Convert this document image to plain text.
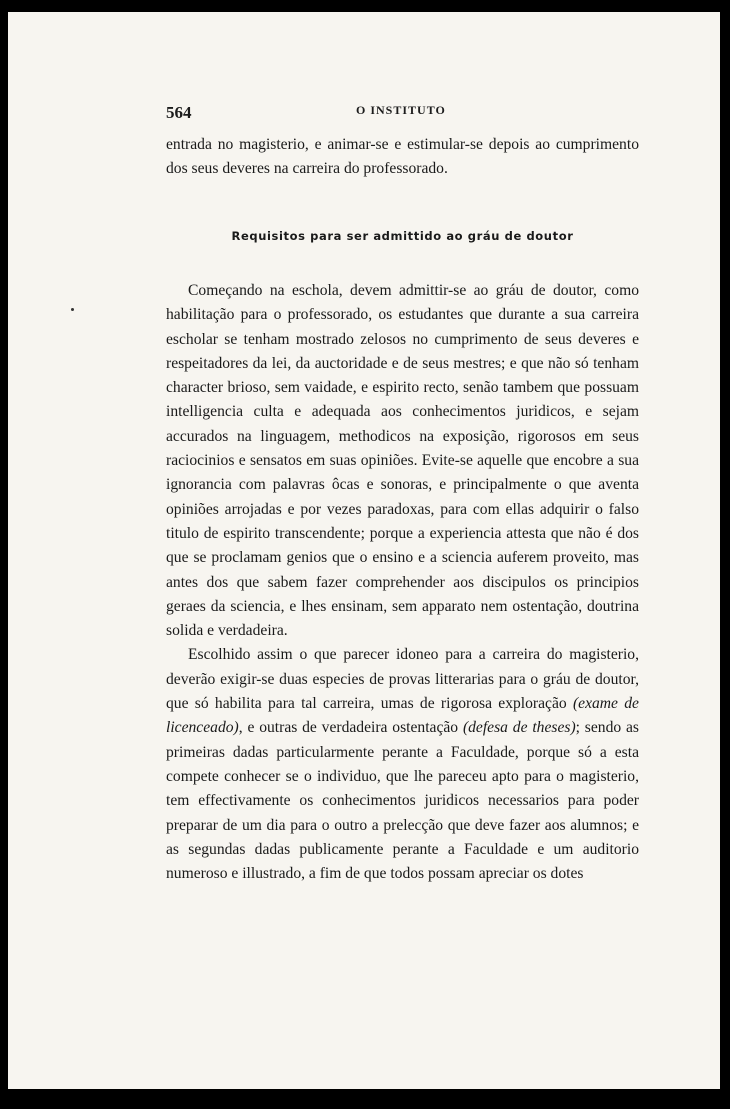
564	O INSTITUTO
entrada no magisterio, e animar-se e estimular-se depois ao cumprimento dos seus deveres na carreira do professorado.
Requisitos para ser admittido ao gráu de doutor

Começando na eschola, devem admittir-se ao gráu de doutor, como habilitação para o professorado, os estudantes que durante a sua carreira escholar se tenham mostrado zelosos no cumprimento de seus deveres e respeitadores da lei, da auctoridade e de seus mestres; e que não só tenham character brioso, sem vaidade, e espirito recto, senão tambem que possuam intelligencia culta e adequada aos conhecimentos juridicos, e sejam accurados na linguagem, methodicos na exposição, rigorosos em seus raciocinios e sensatos em suas opiniões. Evite-se aquelle que encobre a sua ignorancia com palavras ôcas e sonoras, e principalmente o que aventa opiniões arrojadas e por vezes paradoxas, para com ellas adquirir o falso titulo de espirito transcendente; porque a experiencia attesta que não é dos que se proclamam genios que o ensino e a sciencia auferem proveito, mas antes dos que sabem fazer comprehender aos discipulos os principios geraes da sciencia, e lhes ensinam, sem apparato nem ostentação, doutrina solida e verdadeira.

Escolhido assim o que parecer idoneo para a carreira do magisterio, deverão exigir-se duas especies de provas litterarias para o gráu de doutor, que só habilita para tal carreira, umas de rigorosa exploração (exame de licenceado), e outras de verdadeira ostentação (defesa de theses); sendo as primeiras dadas particularmente perante a Faculdade, porque só a esta compete conhecer se o individuo, que lhe pareceu apto para o magisterio, tem effectivamente os conhecimentos juridicos necessarios para poder preparar de um dia para o outro a prelecção que deve fazer aos alumnos; e as segundas dadas publicamente perante a Faculdade e um auditorio numeroso e illustrado, a fim de que todos possam apreciar os dotes
